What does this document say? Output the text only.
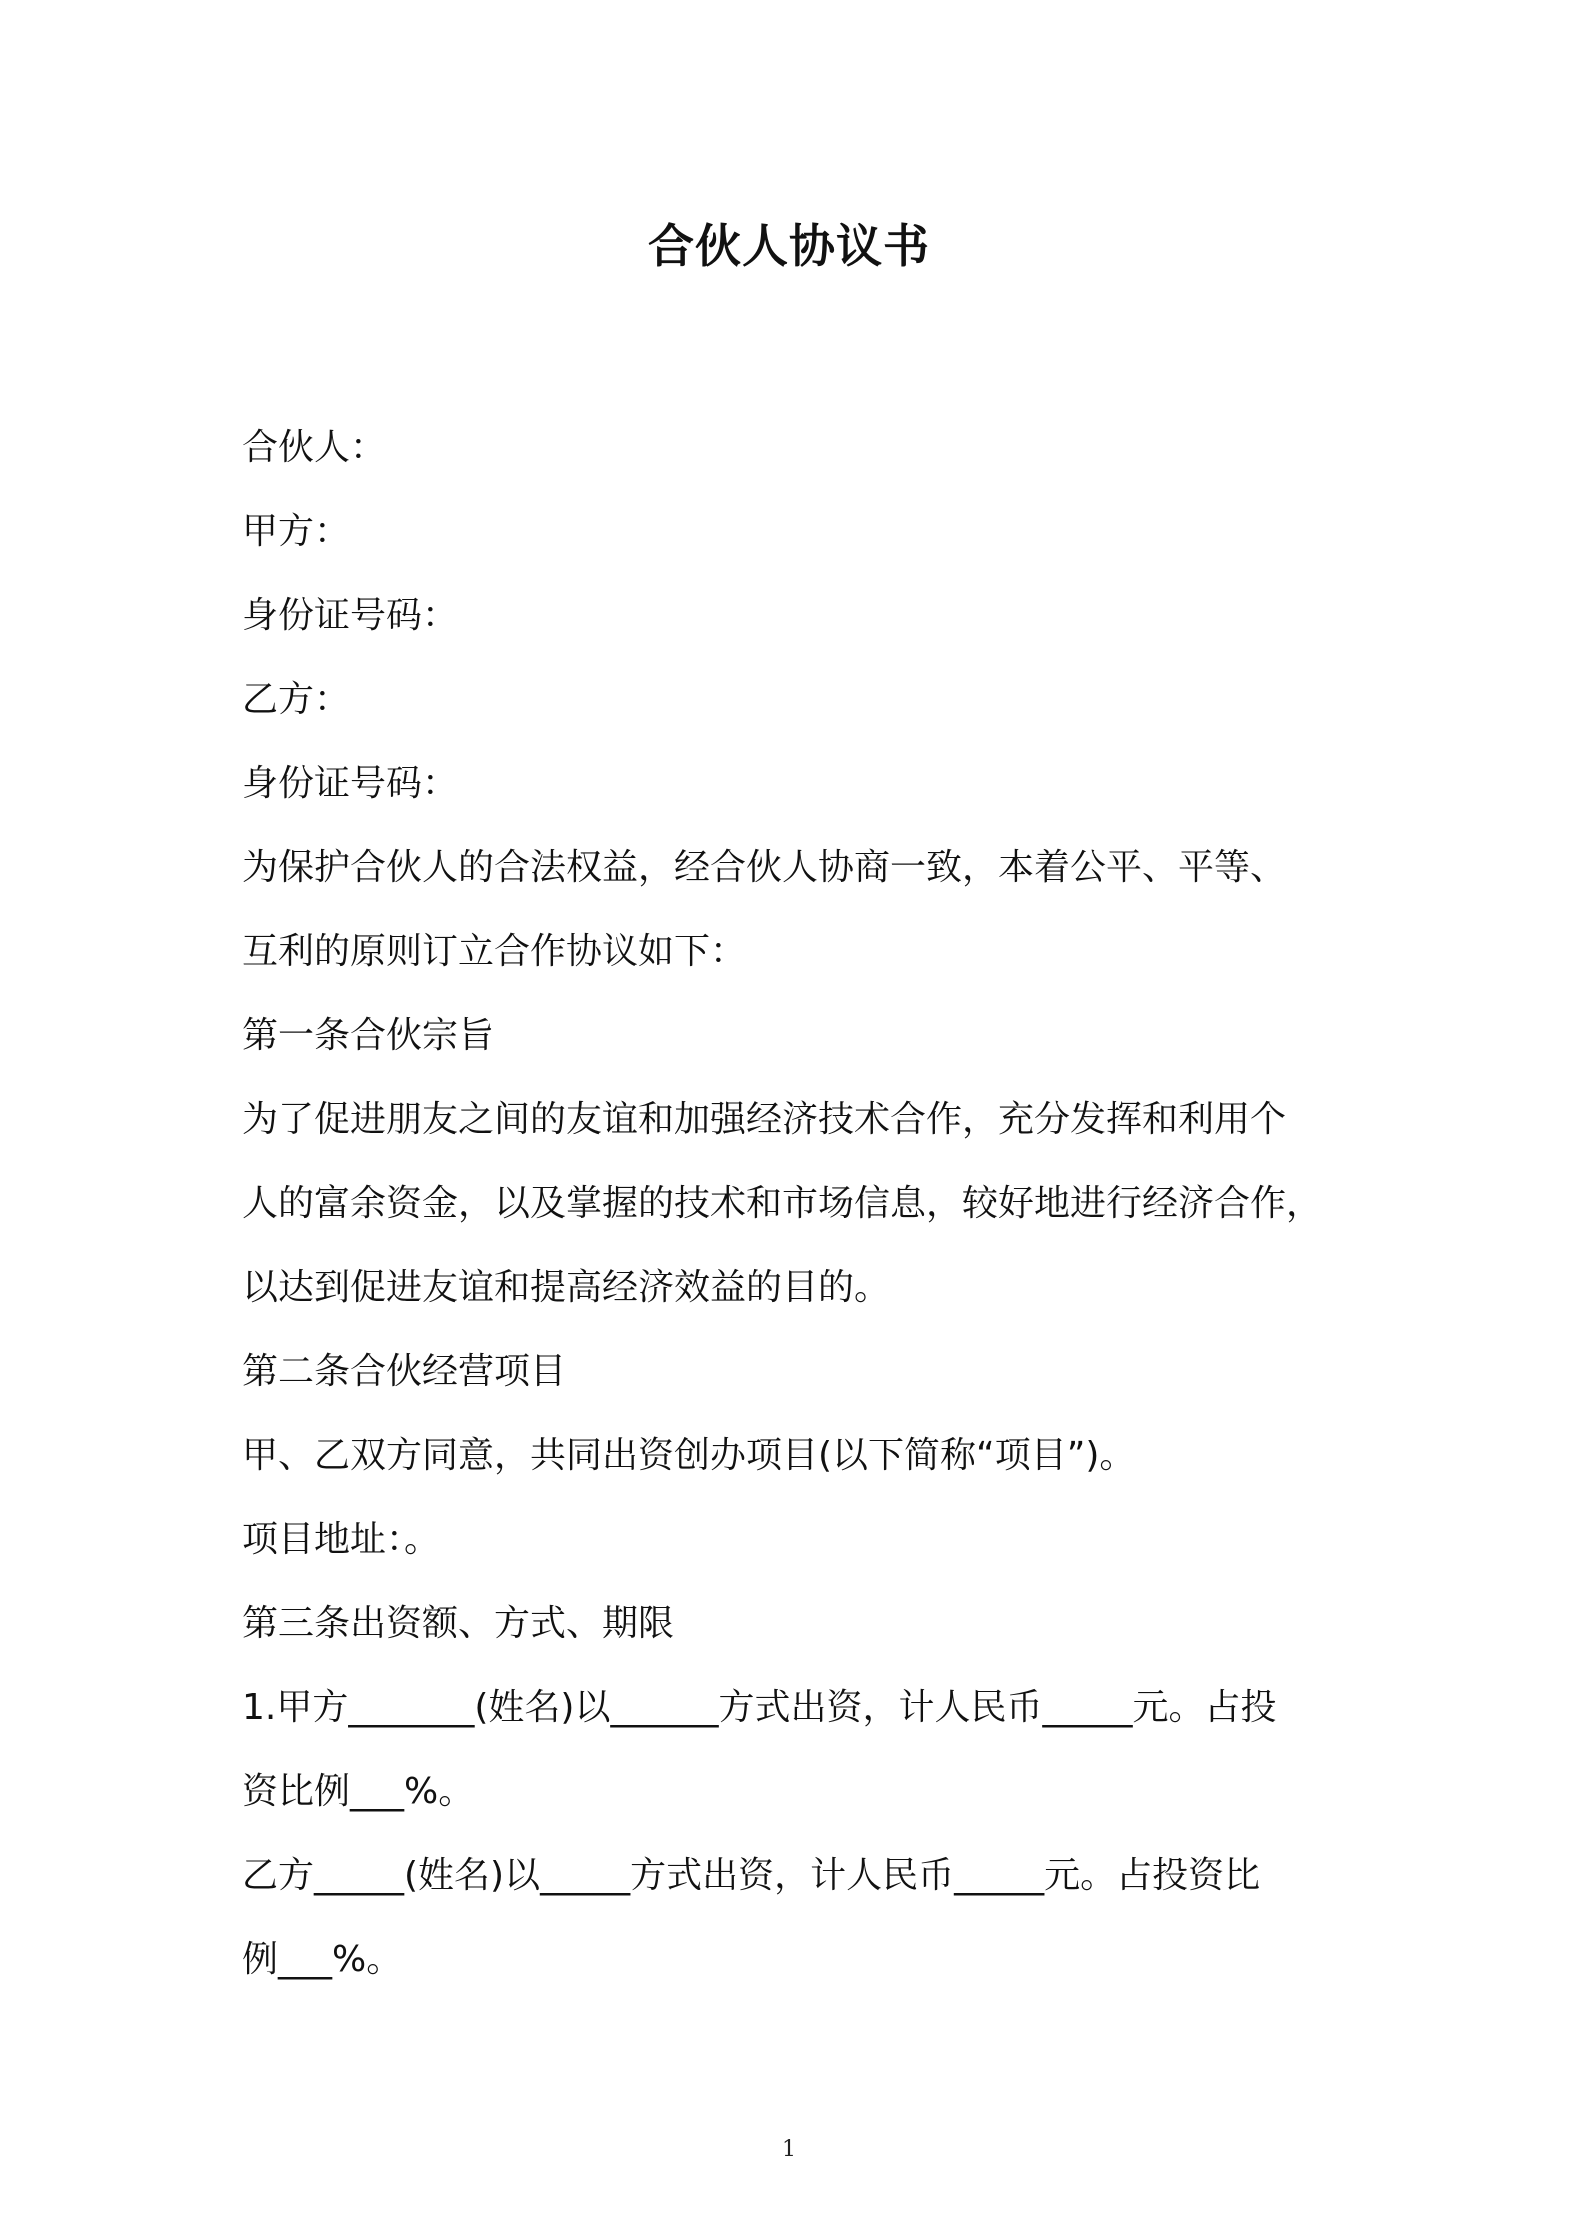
合伙人协议书

合伙人：

甲方：

身份证号码：

乙方：

身份证号码：

为保护合伙人的合法权益，经合伙人协商一致，本着公平、平等、

互利的原则订立合作协议如下：

第一条合伙宗旨

为了促进朋友之间的友谊和加强经济技术合作，充分发挥和利用个

人的富余资金，以及掌握的技术和市场信息，较好地进行经济合作，

以达到促进友谊和提高经济效益的目的。

第二条合伙经营项目

甲、乙双方同意，共同出资创办项目(以下简称“项目”)。

项目地址：。

第三条出资额、方式、期限

1.甲方_______(姓名)以______方式出资，计人民币_____元。占投

资比例___%。

乙方_____(姓名)以_____方式出资，计人民币_____元。占投资比

例___%。

1
